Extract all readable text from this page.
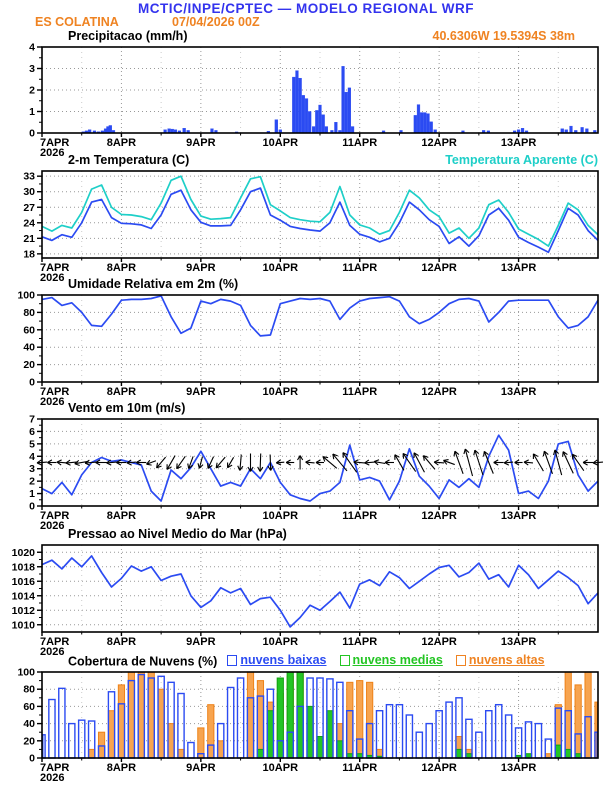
0
1
2
3
4
7APR
2026
8APR	9APR	10APR	11APR	12APR	13APR
18
21
24
27
30
33
7APR
2026
8APR	9APR	10APR	11APR	12APR	13APR
0
20
40
60
80
100
7APR
2026
8APR	9APR	10APR	11APR	12APR	13APR
0
1
2
3
4
5
6
7
7APR
2026
8APR	9APR	10APR	11APR	12APR	13APR
1010
1012
1014
1016
1018
1020
7APR
2026
8APR	9APR	10APR	11APR	12APR	13APR
0
20
40
60
80
100
7APR
2026
8APR	9APR	10APR	11APR	12APR	13APR
MCTIC/INPE/CPTEC — MODELO REGIONAL WRF
ES COLATINA	07/04/2026 00Z
Precipitacao (mm/h)	40.6306W 19.5394S 38m
2-m Temperatura (C)	Temperatura Aparente (C)
Umidade Relativa em 2m (%)
Vento em 10m (m/s)
Pressao ao Nivel Medio do Mar (hPa)
Cobertura de Nuvens (%) nuvens baixas nuvens medias nuvens altas
